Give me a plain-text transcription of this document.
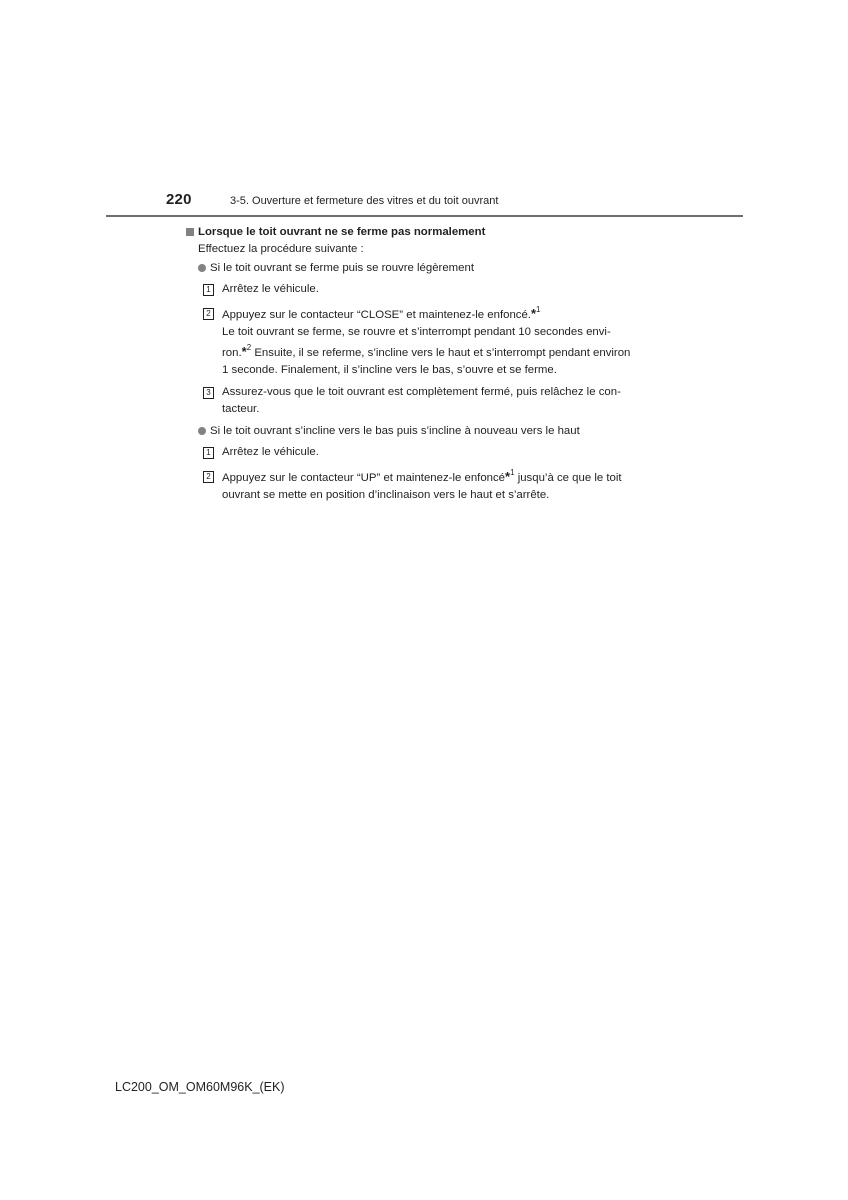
220	3-5. Ouverture et fermeture des vitres et du toit ouvrant
Lorsque le toit ouvrant ne se ferme pas normalement
Effectuez la procédure suivante :
Si le toit ouvrant se ferme puis se rouvre légèrement
1 Arrêtez le véhicule.
2 Appuyez sur le contacteur “CLOSE” et maintenez-le enfoncé.*$^1$
Le toit ouvrant se ferme, se rouvre et s’interrompt pendant 10 secondes envi-
ron.*$^2$ Ensuite, il se referme, s’incline vers le haut et s’interrompt pendant environ
1 seconde. Finalement, il s’incline vers le bas, s’ouvre et se ferme.
3 Assurez-vous que le toit ouvrant est complètement fermé, puis relâchez le con-
tacteur.
Si le toit ouvrant s’incline vers le bas puis s’incline à nouveau vers le haut
1 Arrêtez le véhicule.
2 Appuyez sur le contacteur “UP” et maintenez-le enfoncé*$^1$ jusqu’à ce que le toit
ouvrant se mette en position d’inclinaison vers le haut et s’arrête.
LC200_OM_OM60M96K_(EK)
